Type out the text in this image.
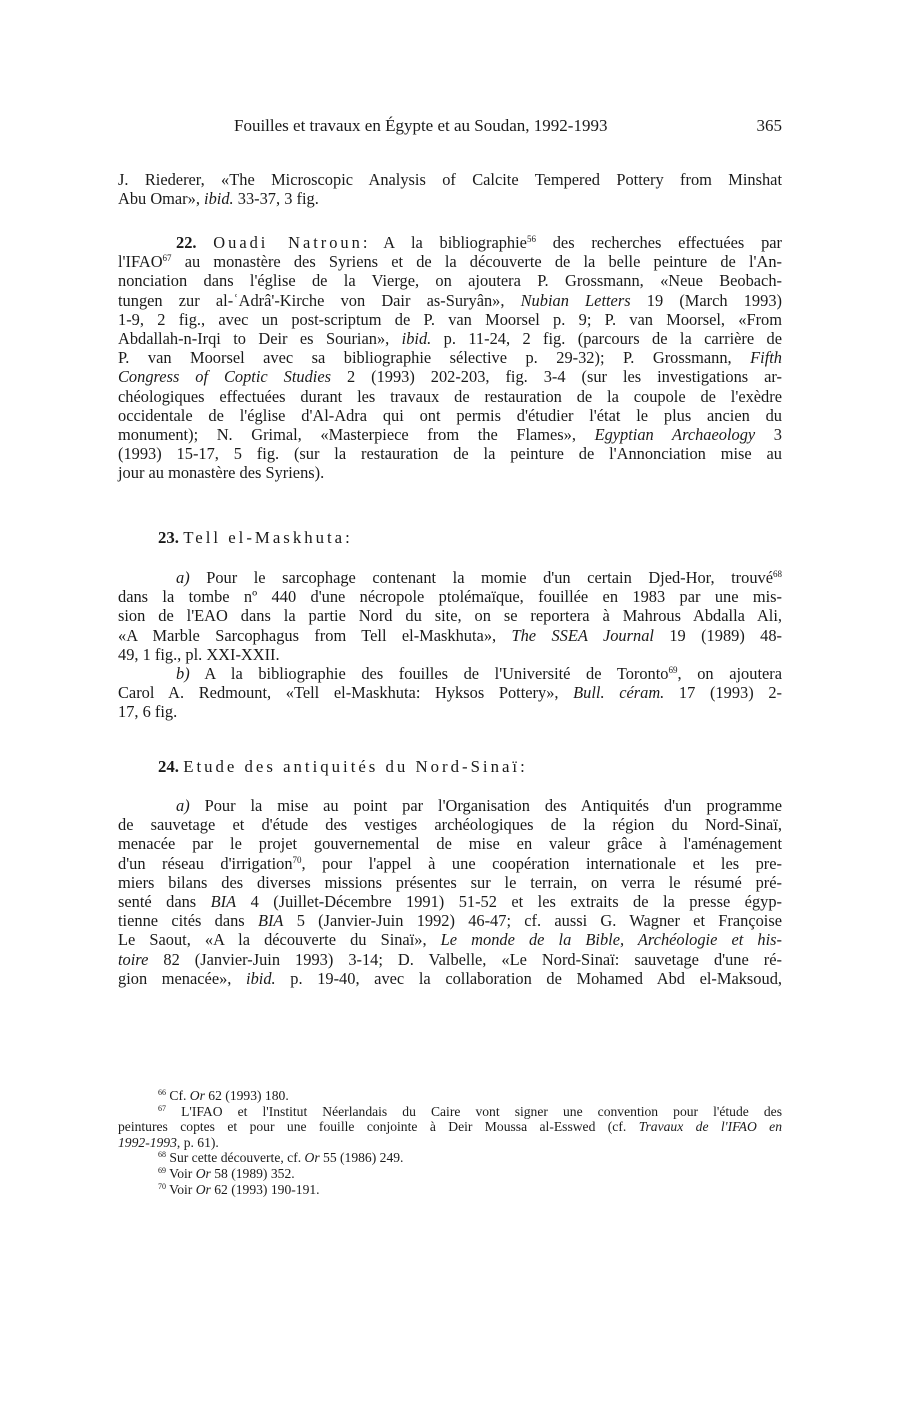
Fouilles et travaux en Égypte et au Soudan, 1992-1993	365
J. Riederer, «The Microscopic Analysis of Calcite Tempered Pottery from Minshat
Abu Omar», ibid. 33-37, 3 fig.
22. Ouadi Natroun: A la bibliographie$^{56}$ des recherches effectuées par
l'IFAO$^{67}$ au monastère des Syriens et de la découverte de la belle peinture de l'An-
nonciation dans l'église de la Vierge, on ajoutera P. Grossmann, «Neue Beobach-
tungen zur al-ʿAdrâ'-Kirche von Dair as-Suryân», Nubian Letters 19 (March 1993)
1-9, 2 fig., avec un post-scriptum de P. van Moorsel p. 9; P. van Moorsel, «From
Abdallah-n-Irqi to Deir es Sourian», ibid. p. 11-24, 2 fig. (parcours de la carrière de
P. van Moorsel avec sa bibliographie sélective p. 29-32); P. Grossmann, Fifth
Congress of Coptic Studies 2 (1993) 202-203, fig. 3-4 (sur les investigations ar-
chéologiques effectuées durant les travaux de restauration de la coupole de l'exèdre
occidentale de l'église d'Al-Adra qui ont permis d'étudier l'état le plus ancien du
monument); N. Grimal, «Masterpiece from the Flames», Egyptian Archaeology 3
(1993) 15-17, 5 fig. (sur la restauration de la peinture de l'Annonciation mise au
jour au monastère des Syriens).
23. Tell el-Maskhuta:
a) Pour le sarcophage contenant la momie d'un certain Djed-Hor, trouvé$^{68}$
dans la tombe nº 440 d'une nécropole ptolémaïque, fouillée en 1983 par une mis-
sion de l'EAO dans la partie Nord du site, on se reportera à Mahrous Abdalla Ali,
«A Marble Sarcophagus from Tell el-Maskhuta», The SSEA Journal 19 (1989) 48-
49, 1 fig., pl. XXI-XXII.
b) A la bibliographie des fouilles de l'Université de Toronto$^{69}$, on ajoutera
Carol A. Redmount, «Tell el-Maskhuta: Hyksos Pottery», Bull. céram. 17 (1993) 2-
17, 6 fig.
24. Etude des antiquités du Nord-Sinaï:
a) Pour la mise au point par l'Organisation des Antiquités d'un programme
de sauvetage et d'étude des vestiges archéologiques de la région du Nord-Sinaï,
menacée par le projet gouvernemental de mise en valeur grâce à l'aménagement
d'un réseau d'irrigation$^{70}$, pour l'appel à une coopération internationale et les pre-
miers bilans des diverses missions présentes sur le terrain, on verra le résumé pré-
senté dans BIA 4 (Juillet-Décembre 1991) 51-52 et les extraits de la presse égyp-
tienne cités dans BIA 5 (Janvier-Juin 1992) 46-47; cf. aussi G. Wagner et Françoise
Le Saout, «A la découverte du Sinaï», Le monde de la Bible, Archéologie et his-
toire 82 (Janvier-Juin 1993) 3-14; D. Valbelle, «Le Nord-Sinaï: sauvetage d'une ré-
gion menacée», ibid. p. 19-40, avec la collaboration de Mohamed Abd el-Maksoud,
$^{66}$ Cf. Or 62 (1993) 180.
$^{67}$ L'IFAO et l'Institut Néerlandais du Caire vont signer une convention pour l'étude des
peintures coptes et pour une fouille conjointe à Deir Moussa al-Esswed (cf. Travaux de l'IFAO en
1992-1993, p. 61).
$^{68}$ Sur cette découverte, cf. Or 55 (1986) 249.
$^{69}$ Voir Or 58 (1989) 352.
$^{70}$ Voir Or 62 (1993) 190-191.
